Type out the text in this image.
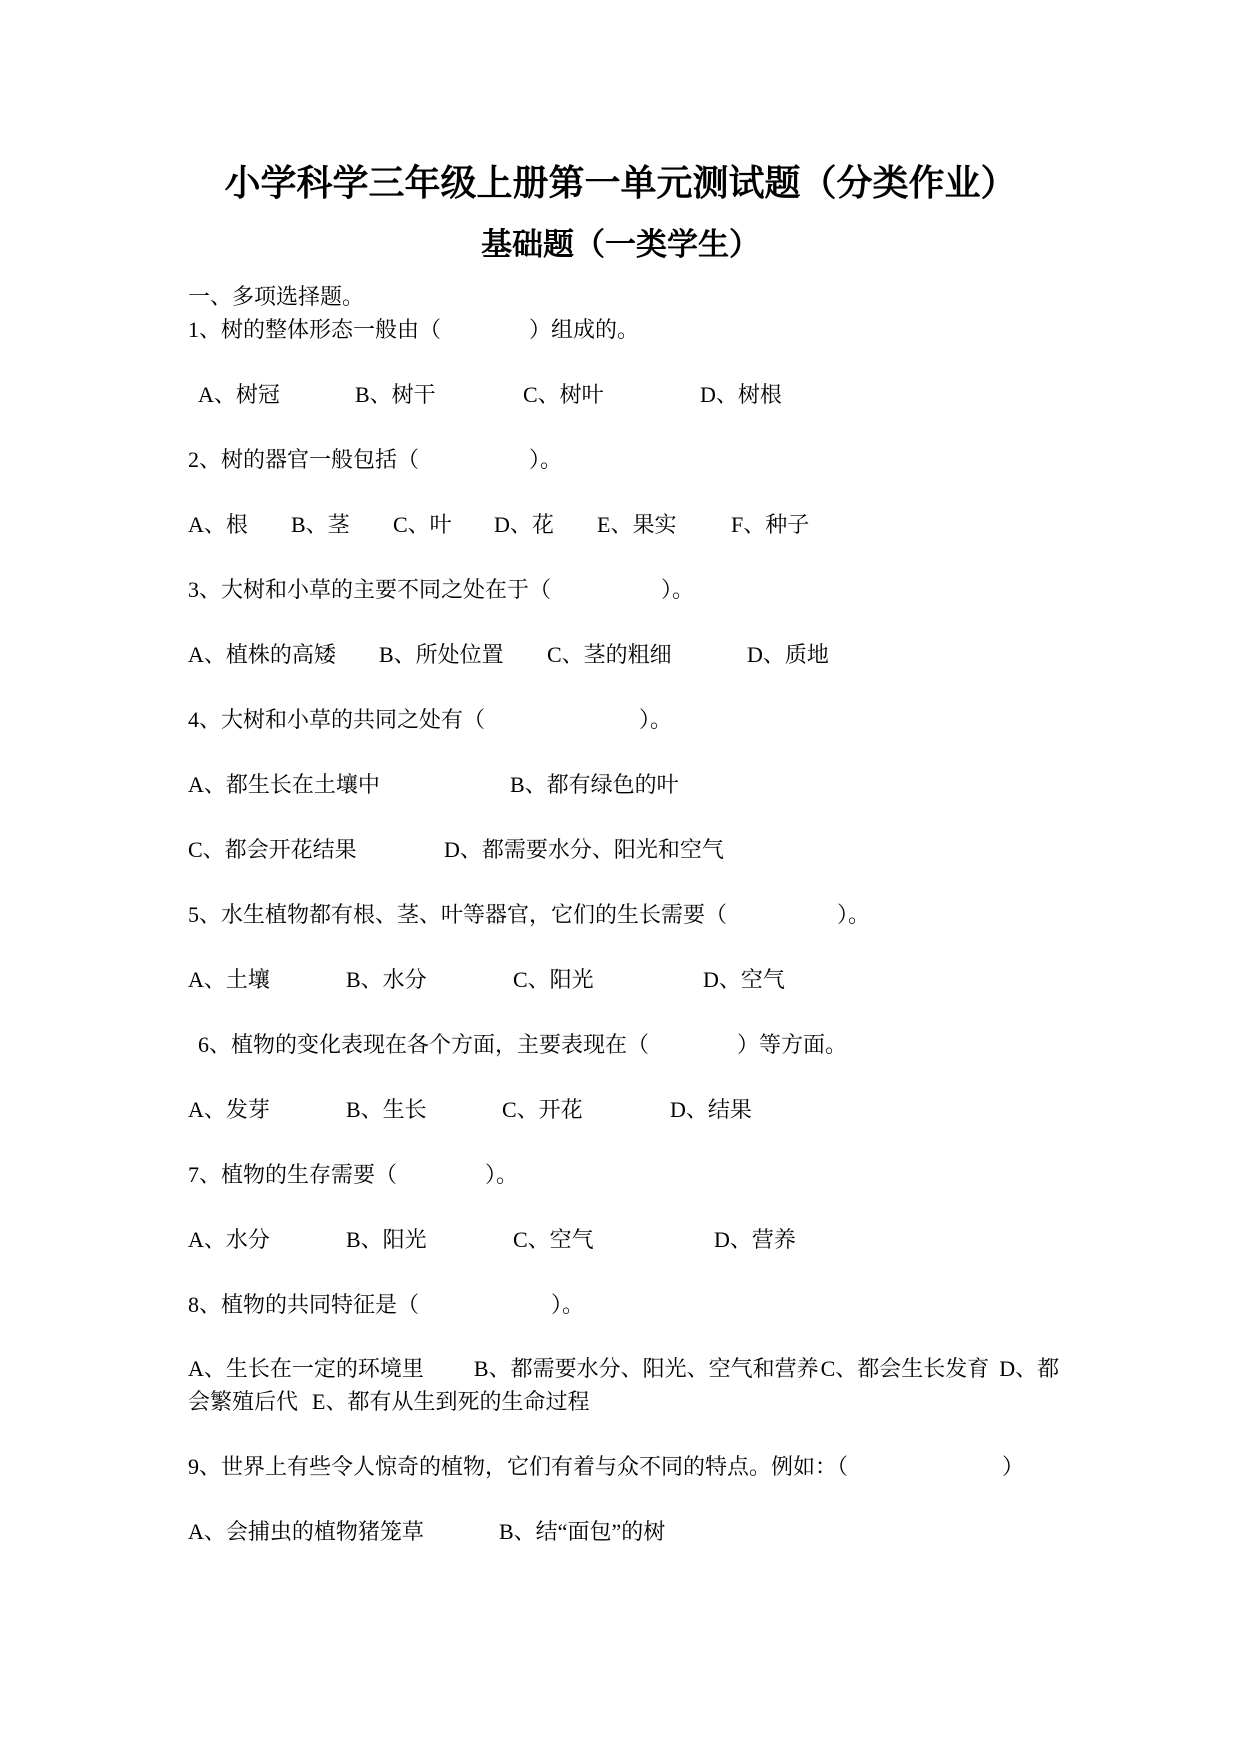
小学科学三年级上册第一单元测试题（分类作业）
基础题（一类学生）
一、多项选择题。
1、树的整体形态一般由（　　　　）组成的。
A、树冠	B、树干	C、树叶	D、树根
2、树的器官一般包括（　　　　　）。
A、根 B、茎 C、叶 D、花 E、果实 F、种子
3、大树和小草的主要不同之处在于（　　　　　）。
A、植株的高矮 B、所处位置 C、茎的粗细	D、质地
4、大树和小草的共同之处有（　　　　　　　）。
A、都生长在土壤中	B、都有绿色的叶
C、都会开花结果	D、都需要水分、阳光和空气
5、水生植物都有根、茎、叶等器官，它们的生长需要（　　　　　）。
A、土壤	B、水分	C、阳光	D、空气
6、植物的变化表现在各个方面，主要表现在（　　　　）等方面。
A、发芽	B、生长	C、开花	D、结果
7、植物的生存需要（　　　　）。
A、水分	B、阳光	C、空气	D、营养
8、植物的共同特征是（　　　　　　）。
A、生长在一定的环境里 B、都需要水分、阳光、空气和营养C、都会生长发育 D、都会繁殖后代 E、都有从生到死的生命过程
9、世界上有些令人惊奇的植物，它们有着与众不同的特点。例如：（　　　　　　　）
A、会捕虫的植物猪笼草	B、结“面包”的树
